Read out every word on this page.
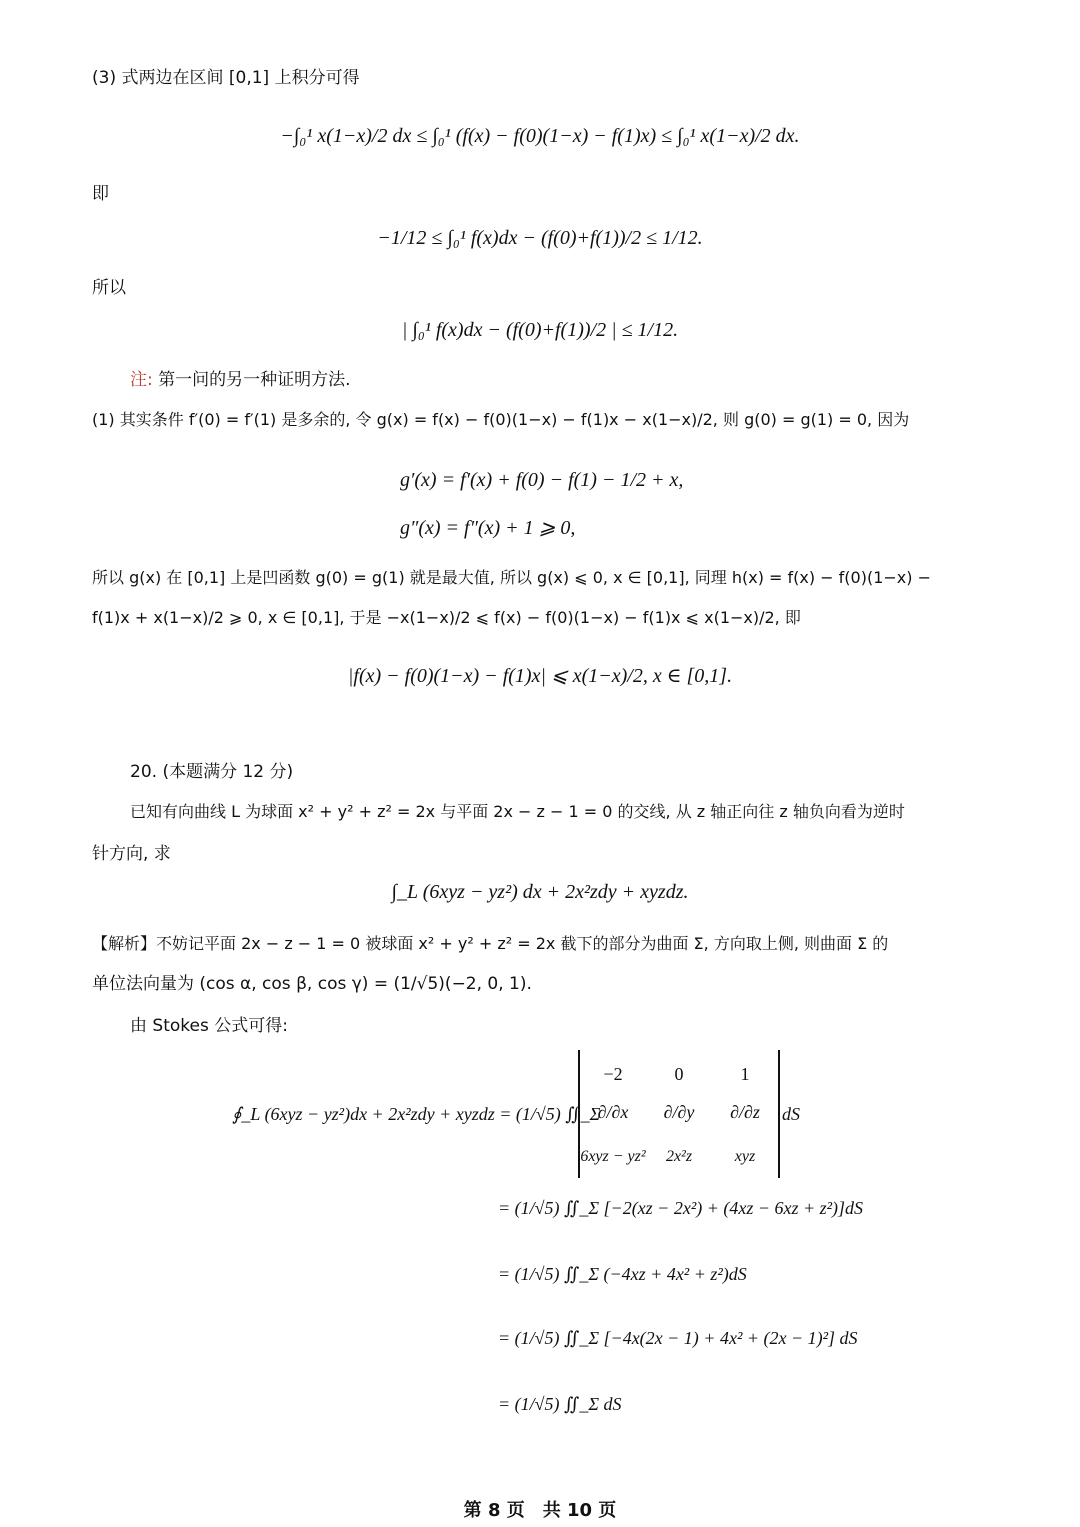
(3) 式两边在区间 [0,1] 上积分可得
−∫₀¹ x(1−x)/2 dx ≤ ∫₀¹ (f(x) − f(0)(1−x) − f(1)x) ≤ ∫₀¹ x(1−x)/2 dx.
即
−1/12 ≤ ∫₀¹ f(x)dx − (f(0)+f(1))/2 ≤ 1/12.
所以
| ∫₀¹ f(x)dx − (f(0)+f(1))/2 | ≤ 1/12.
注: 第一问的另一种证明方法.
(1) 其实条件 f′(0) = f′(1) 是多余的, 令 g(x) = f(x) − f(0)(1−x) − f(1)x − x(1−x)/2, 则 g(0) = g(1) = 0, 因为
g′(x) = f′(x) + f(0) − f(1) − 1/2 + x,
g″(x) = f″(x) + 1 ⩾ 0,
所以 g(x) 在 [0,1] 上是凹函数 g(0) = g(1) 就是最大值, 所以 g(x) ⩽ 0, x ∈ [0,1], 同理 h(x) = f(x) − f(0)(1−x) −
f(1)x + x(1−x)/2 ⩾ 0, x ∈ [0,1], 于是 −x(1−x)/2 ⩽ f(x) − f(0)(1−x) − f(1)x ⩽ x(1−x)/2, 即
|f(x) − f(0)(1−x) − f(1)x| ⩽ x(1−x)/2, x ∈ [0,1].
20. (本题满分 12 分)
已知有向曲线 L 为球面 x² + y² + z² = 2x 与平面 2x − z − 1 = 0 的交线, 从 z 轴正向往 z 轴负向看为逆时
针方向, 求
∫_L (6xyz − yz²) dx + 2x²zdy + xyzdz.
【解析】不妨记平面 2x − z − 1 = 0 被球面 x² + y² + z² = 2x 截下的部分为曲面 Σ, 方向取上侧, 则曲面 Σ 的
单位法向量为 (cos α, cos β, cos γ) = (1/√5)(−2, 0, 1).
由 Stokes 公式可得:
∮_L (6xyz − yz²)dx + 2x²zdy + xyzdz = (1/√5) ∬_Σ
−2	0	1
∂/∂x	∂/∂y	∂/∂z
6xyz − yz²	2x²z	xyz
dS
= (1/√5) ∬_Σ [−2(xz − 2x²) + (4xz − 6xz + z²)]dS
= (1/√5) ∬_Σ (−4xz + 4x² + z²)dS
= (1/√5) ∬_Σ [−4x(2x − 1) + 4x² + (2x − 1)²] dS
= (1/√5) ∬_Σ dS
第 8 页　共 10 页
